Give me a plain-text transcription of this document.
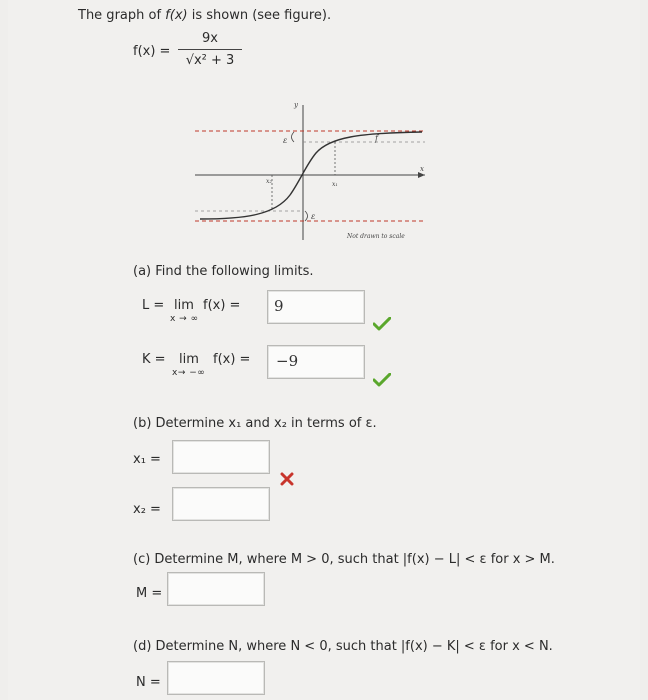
The graph of f(x) is shown (see figure).
f(x) =
9x
√x² + 3
y
x
ε
ε
f
x₁
x₂
Not drawn to scale
(a) Find the following limits.
L = lim
x → ∞
f(x) = 9
K = lim
x→ −∞
f(x) = −9
(b) Determine x₁ and x₂ in terms of ε.
x₁ =
x₂ =
(c) Determine M, where M > 0, such that |f(x) − L| < ε for x > M.
M =
(d) Determine N, where N < 0, such that |f(x) − K| < ε for x < N.
N =
